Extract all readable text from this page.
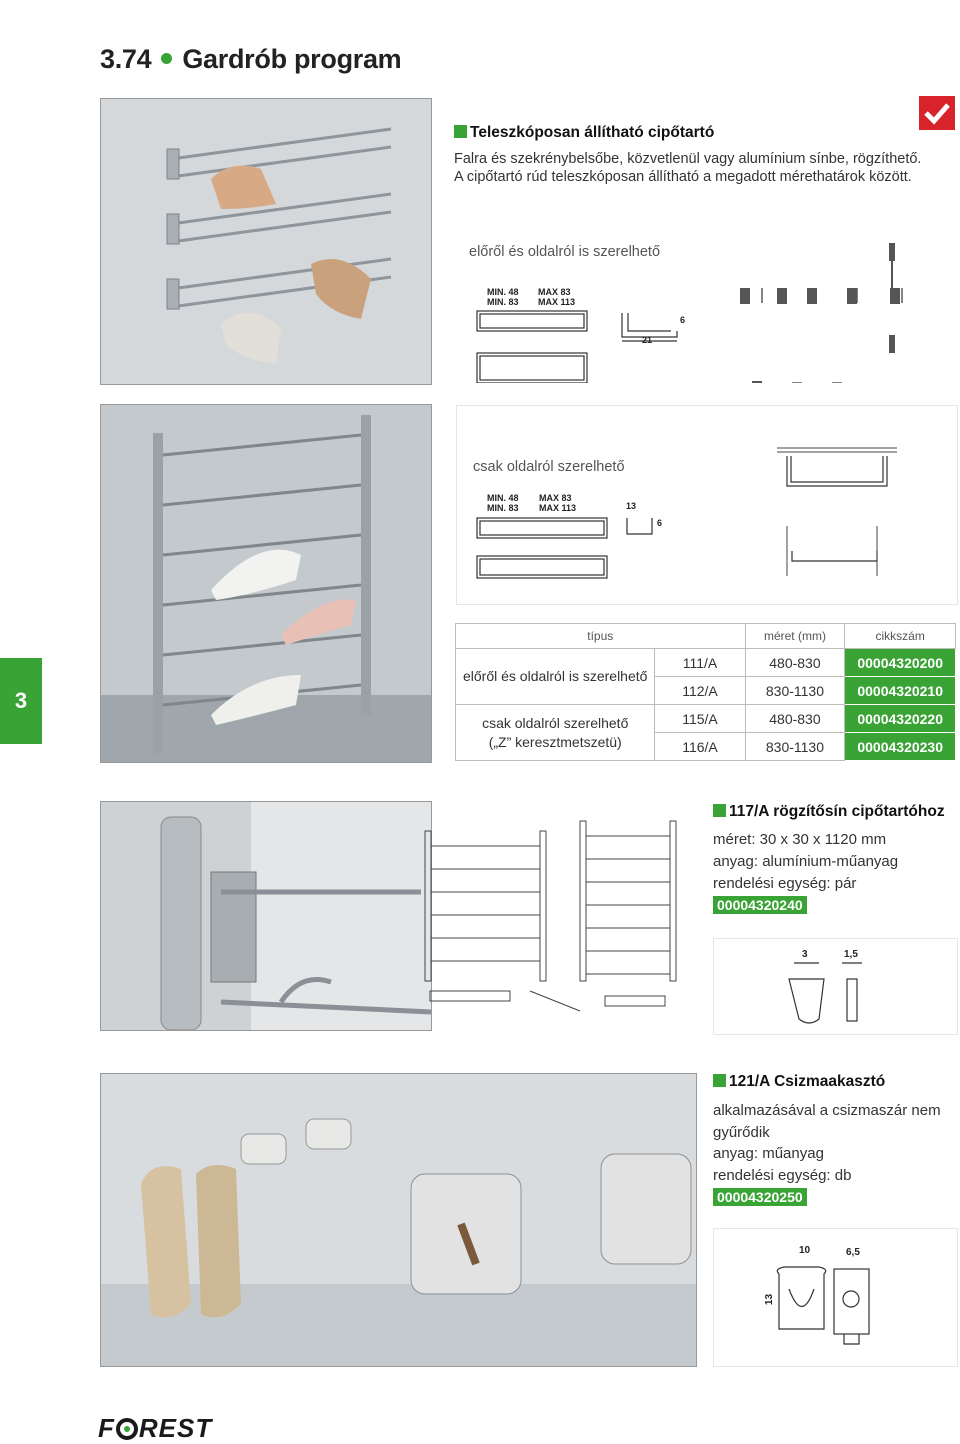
3.74 Gardrób program
3
Teleszkóposan állítható cipőtartó
Falra és szekrénybelsőbe, közvetlenül vagy alumínium sínbe, rögzíthető.
A cipőtartó rúd teleszkóposan állítható a megadott mérethatárok között.
előről és oldalról is szerelhető
MIN. 48
MIN. 83
MAX 83
MAX 113
21
6
csak oldalról szerelhető
MIN. 48
MIN. 83
MAX 83
MAX 113	13
6
típus		méret (mm)	cikkszám
előről és oldalról is szerelhető	111/A	480-830	00004320200
	112/A	830-1130	00004320210
csak oldalról szerelhető
(„Z” keresztmetszetü)	115/A	480-830	00004320220
	116/A	830-1130	00004320230
117/A rögzítősín cipőtartóhoz
méret: 30 x 30 x 1120 mm
anyag: alumínium-műanyag
rendelési egység: pár
00004320240
3	1,5
121/A Csizmaakasztó
alkalmazásával a csizmaszár nem
gyűrődik
anyag: műanyag
rendelési egység: db
00004320250
10	6,5
13
F REST
